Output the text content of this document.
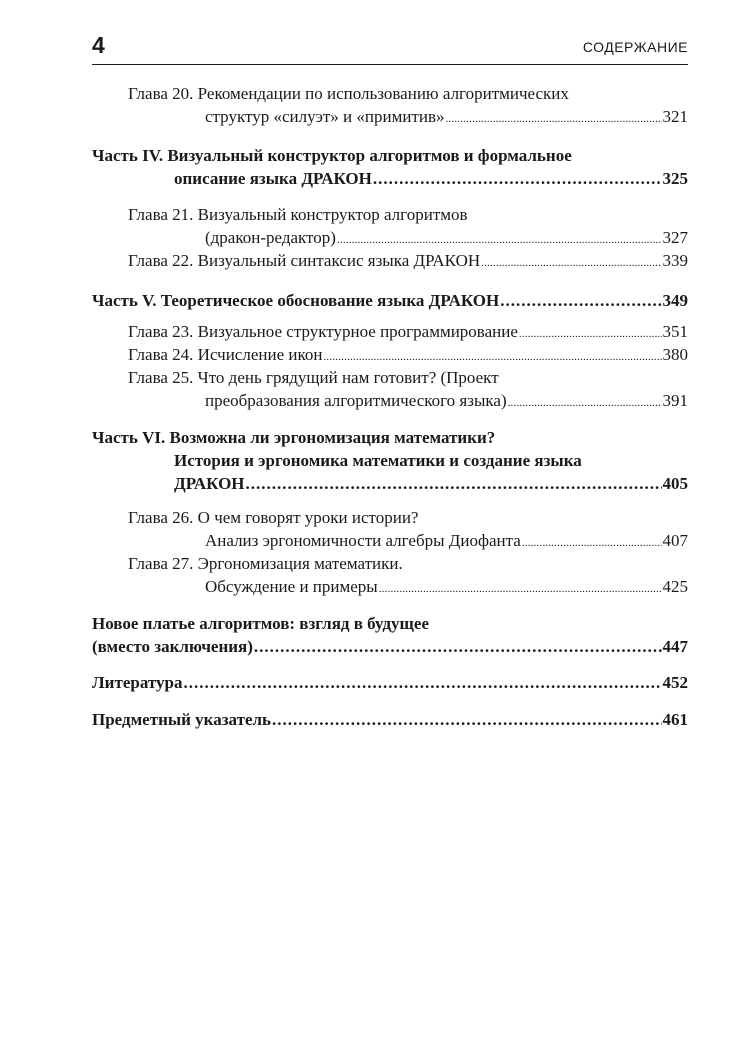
4	СОДЕРЖАНИЕ
Глава 20. Рекомендации по использованию алгоритмических
структур «силуэт» и «примитив» .....	321
Часть IV. Визуальный конструктор алгоритмов и формальное
описание языка ДРАКОН .....	325
Глава 21. Визуальный конструктор алгоритмов
(дракон-редактор) .....	327
Глава 22. Визуальный синтаксис языка ДРАКОН .....	339
Часть V. Теоретическое обоснование языка ДРАКОН .....	349
Глава 23. Визуальное структурное программирование .....	351
Глава 24. Исчисление икон .....	380
Глава 25. Что день грядущий нам готовит? (Проект
преобразования алгоритмического языка) .....	391
Часть VI. Возможна ли эргономизация математики?
История и эргономика математики и создание языка
ДРАКОН .....	405
Глава 26. О чем говорят уроки истории?
Анализ эргономичности алгебры Диофанта .....	407
Глава 27. Эргономизация математики.
Обсуждение и примеры .....	425
Новое платье алгоритмов: взгляд в будущее
(вместо заключения) .....	447
Литература .....	452
Предметный указатель .....	461
